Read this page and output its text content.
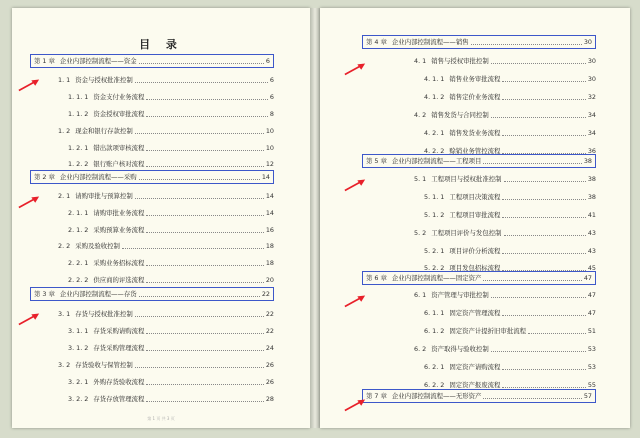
目 录
第 1 章 企业内部控制流程——资金	6
1. 1 资金与授权批准控制	6
1. 1. 1 资金支付业务流程	6
1. 1. 2 资金授权审批流程	8
1. 2 现金和银行存款控制	10
1. 2. 1 错出款项审核流程	10
1. 2. 2 银行账户核对流程	12
第 2 章 企业内部控制流程——采购	14
2. 1 请购审批与预算控制	14
2. 1. 1 请购审批业务流程	14
2. 1. 2 采购预算业务流程	16
2. 2 采购及验收控制	18
2. 2. 1 采购业务招标流程	18
2. 2. 2 供应商的评选流程	20
第 3 章 企业内部控制流程——存货	22
3. 1 存货与授权批准控制	22
3. 1. 1 存货采购请购流程	22
3. 1. 2 存货采购管理流程	24
3. 2 存货验收与保管控制	26
3. 2. 1 外购存货验收流程	26
3. 2. 2 存货存放管理流程	28
第 1 页 共 3 页
第 4 章 企业内部控制流程——销售	30
4. 1 销售与授权审批控制	30
4. 1. 1 销售业务审批流程	30
4. 1. 2 销售定价业务流程	32
4. 2 销售发货与合同控制	34
4. 2. 1 销售发货业务流程	34
4. 2. 2 赊销业务管控流程	36
第 5 章 企业内部控制流程——工程项目	38
5. 1 工程项目与授权批准控制	38
5. 1. 1 工程项目决策流程	38
5. 1. 2 工程项目审批流程	41
5. 2 工程项目评价与发包控制	43
5. 2. 1 项目评价分析流程	43
5. 2. 2 项目发包招标流程	45
第 6 章 企业内部控制流程——固定资产	47
6. 1 资产管理与审批控制	47
6. 1. 1 固定资产管理流程	47
6. 1. 2 固定资产计提折旧审批流程	51
6. 2 资产取得与验收控制	53
6. 2. 1 固定资产请购流程	53
6. 2. 2 固定资产报废流程	55
第 7 章 企业内部控制流程——无形资产	57
